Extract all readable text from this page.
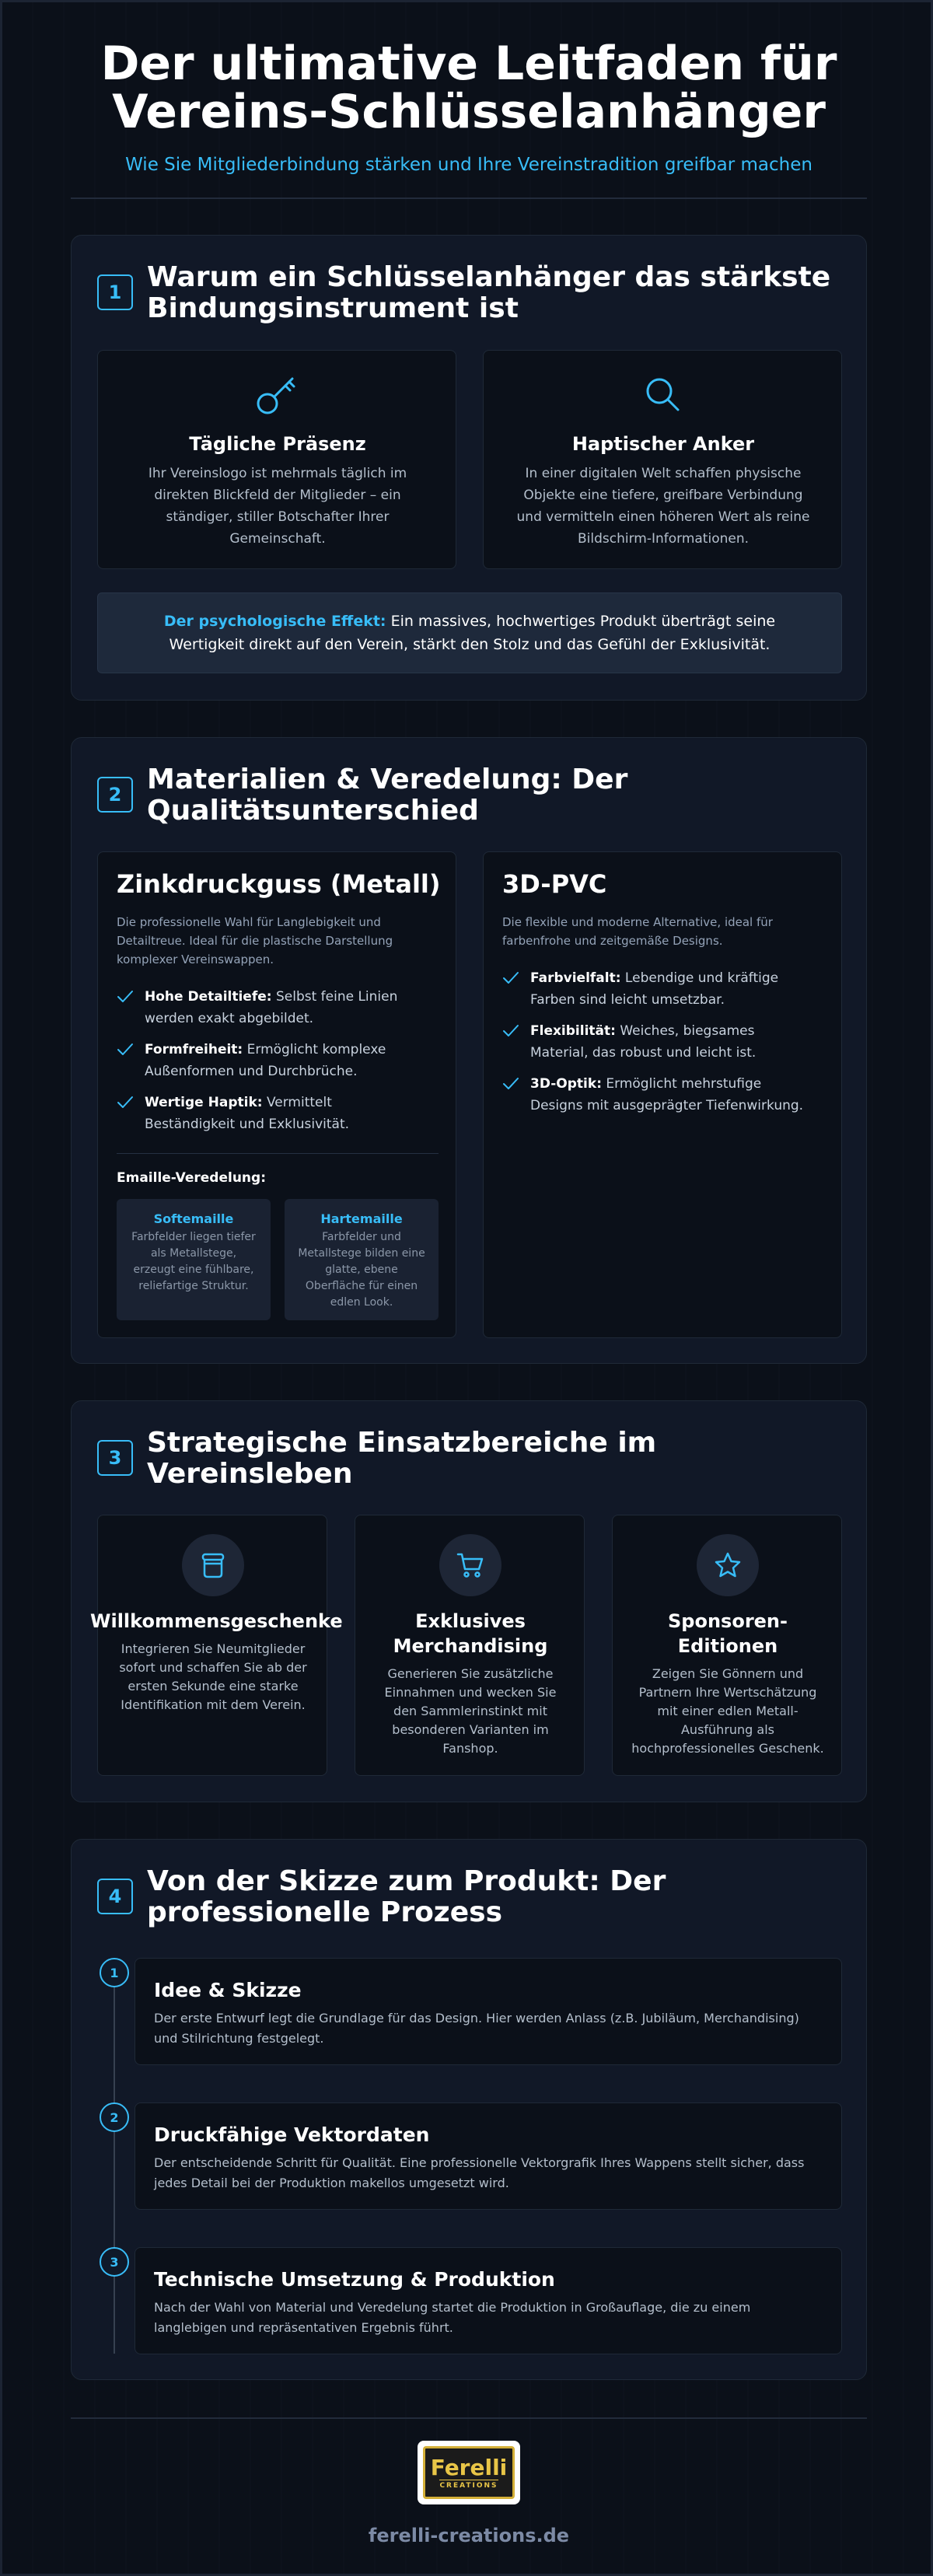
Der ultimative Leitfaden für
Vereins-Schlüsselanhänger
Wie Sie Mitgliederbindung stärken und Ihre Vereinstradition greifbar machen
1 Warum ein Schlüsselanhänger das stärkste
Bindungsinstrument ist
Tägliche Präsenz
Ihr Vereinslogo ist mehrmals täglich im
direkten Blickfeld der Mitglieder – ein
ständiger, stiller Botschafter Ihrer
Gemeinschaft.
Haptischer Anker
In einer digitalen Welt schaffen physische
Objekte eine tiefere, greifbare Verbindung
und vermitteln einen höheren Wert als reine
Bildschirm-Informationen.
Der psychologische Effekt: Ein massives, hochwertiges Produkt überträgt seine
Wertigkeit direkt auf den Verein, stärkt den Stolz und das Gefühl der Exklusivität.
2 Materialien & Veredelung: Der
Qualitätsunterschied
Zinkdruckguss (Metall)
Die professionelle Wahl für Langlebigkeit und
Detailtreue. Ideal für die plastische Darstellung
komplexer Vereinswappen.
Hohe Detailtiefe: Selbst feine Linien
werden exakt abgebildet.
Formfreiheit: Ermöglicht komplexe
Außenformen und Durchbrüche.
Wertige Haptik: Vermittelt
Beständigkeit und Exklusivität.
Emaille-Veredelung:
Softemaille
Farbfelder liegen tiefer
als Metallstege,
erzeugt eine fühlbare,
reliefartige Struktur.
Hartemaille
Farbfelder und
Metallstege bilden eine
glatte, ebene
Oberfläche für einen
edlen Look.
3D-PVC
Die flexible und moderne Alternative, ideal für
farbenfrohe und zeitgemäße Designs.
Farbvielfalt: Lebendige und kräftige
Farben sind leicht umsetzbar.
Flexibilität: Weiches, biegsames
Material, das robust und leicht ist.
3D-Optik: Ermöglicht mehrstufige
Designs mit ausgeprägter Tiefenwirkung.
3 Strategische Einsatzbereiche im
Vereinsleben
Willkommensgeschenke
Integrieren Sie Neumitglieder
sofort und schaffen Sie ab der
ersten Sekunde eine starke
Identifikation mit dem Verein.
Exklusives
Merchandising
Generieren Sie zusätzliche
Einnahmen und wecken Sie
den Sammlerinstinkt mit
besonderen Varianten im
Fanshop.
Sponsoren-
Editionen
Zeigen Sie Gönnern und
Partnern Ihre Wertschätzung
mit einer edlen Metall-
Ausführung als
hochprofessionelles Geschenk.
4 Von der Skizze zum Produkt: Der
professionelle Prozess
1
Idee & Skizze
Der erste Entwurf legt die Grundlage für das Design. Hier werden Anlass (z.B. Jubiläum, Merchandising)
und Stilrichtung festgelegt.
2
Druckfähige Vektordaten
Der entscheidende Schritt für Qualität. Eine professionelle Vektorgrafik Ihres Wappens stellt sicher, dass
jedes Detail bei der Produktion makellos umgesetzt wird.
3
Technische Umsetzung & Produktion
Nach der Wahl von Material und Veredelung startet die Produktion in Großauflage, die zu einem
langlebigen und repräsentativen Ergebnis führt.
Ferelli
CREATIONS
ferelli-creations.de
